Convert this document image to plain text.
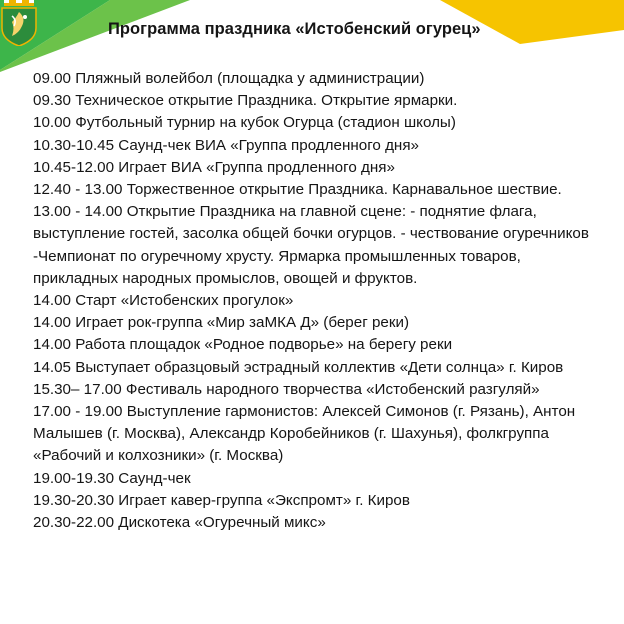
Программа праздника «Истобенский огурец»
09.00 Пляжный волейбол (площадка у администрации)
09.30 Техническое открытие Праздника. Открытие ярмарки.
10.00 Футбольный турнир на кубок Огурца (стадион школы)
10.30-10.45 Саунд-чек ВИА «Группа продленного дня»
10.45-12.00 Играет ВИА «Группа продленного дня»
12.40 - 13.00 Торжественное открытие Праздника. Карнавальное шествие.
13.00 - 14.00 Открытие Праздника на главной сцене: - поднятие флага, выступление гостей, засолка общей бочки огурцов. - чествование огуречников -Чемпионат по огуречному хрусту. Ярмарка промышленных товаров, прикладных народных промыслов, овощей и фруктов.
14.00 Старт «Истобенских прогулок»
14.00 Играет рок-группа «Мир заМКА Д» (берег реки)
14.00 Работа площадок «Родное подворье» на берегу реки
14.05 Выступает образцовый эстрадный коллектив «Дети солнца» г. Киров
15.30– 17.00 Фестиваль народного творчества «Истобенский разгуляй»
17.00 - 19.00 Выступление гармонистов: Алексей Симонов (г. Рязань), Антон Малышев (г. Москва), Александр Коробейников (г. Шахунья), фолкгруппа «Рабочий и колхозники» (г. Москва)
19.00-19.30 Саунд-чек
19.30-20.30 Играет кавер-группа «Экспромт» г. Киров
20.30-22.00 Дискотека «Огуречный микс»
